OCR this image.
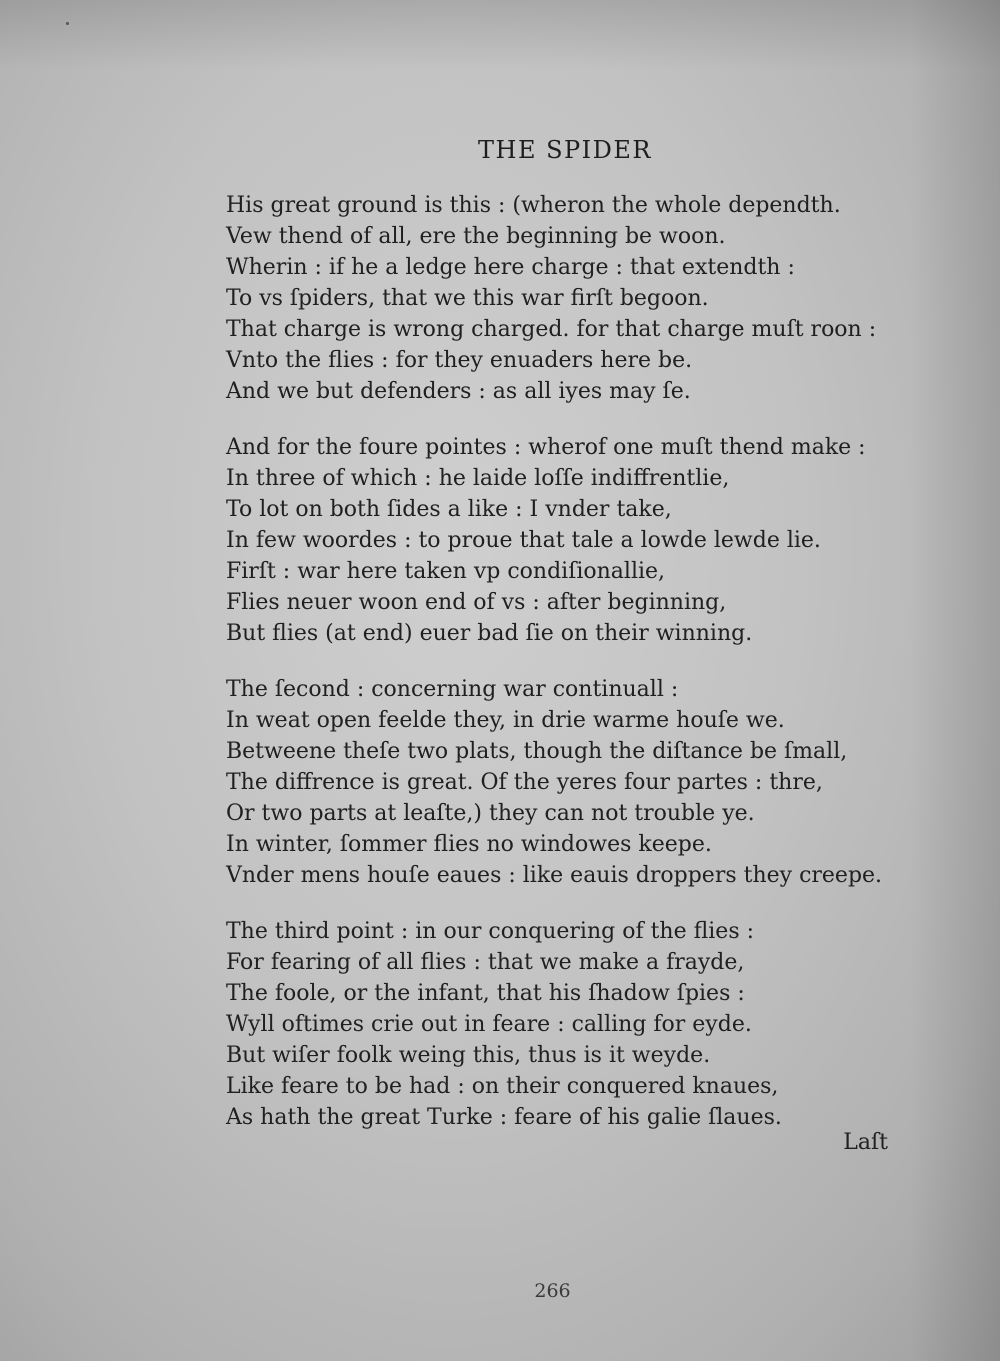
THE SPIDER
His great ground is this : (wheron the whole dependth.
Vew thend of all, ere the beginning be woon.
Wherin : if he a ledge here charge : that extendth :
To vs ſpiders, that we this war firſt begoon.
That charge is wrong charged. for that charge muſt roon :
Vnto the flies : for they enuaders here be.
And we but defenders : as all iyes may ſe.
And for the foure pointes : wherof one muſt thend make :
In three of which : he laide loſſe indiffrentlie,
To lot on both ſides a like : I vnder take,
In few woordes : to proue that tale a lowde lewde lie.
Firſt : war here taken vp condiſionallie,
Flies neuer woon end of vs : after beginning,
But flies (at end) euer bad ſie on their winning.
The ſecond : concerning war continuall :
In weat open feelde they, in drie warme houſe we.
Betweene theſe two plats, though the diſtance be ſmall,
The diffrence is great. Of the yeres four partes : thre,
Or two parts at leaſte,) they can not trouble ye.
In winter, ſommer flies no windowes keepe.
Vnder mens houſe eaues : like eauis droppers they creepe.
The third point : in our conquering of the flies :
For fearing of all flies : that we make a frayde,
The foole, or the infant, that his ſhadow ſpies :
Wyll oftimes crie out in feare : calling for eyde.
But wiſer foolk weing this, thus is it weyde.
Like feare to be had : on their conquered knaues,
As hath the great Turke : feare of his galie ſlaues.
Laſt
266
